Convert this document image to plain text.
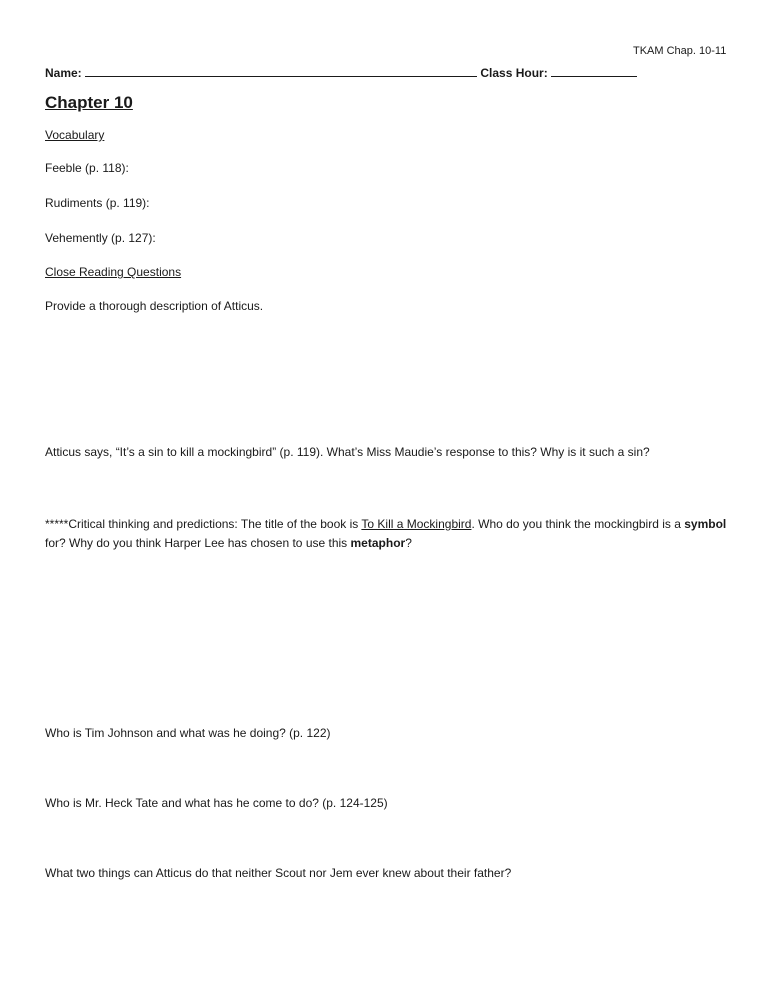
TKAM Chap. 10-11
Name:	Class Hour:
Chapter 10
Vocabulary
Feeble (p. 118):
Rudiments (p. 119):
Vehemently (p. 127):
Close Reading Questions
Provide a thorough description of Atticus.
Atticus says, “It’s a sin to kill a mockingbird” (p. 119). What’s Miss Maudie’s response to this? Why is it such a sin?
*****Critical thinking and predictions: The title of the book is To Kill a Mockingbird. Who do you think the mockingbird is a symbol for? Why do you think Harper Lee has chosen to use this metaphor?
Who is Tim Johnson and what was he doing? (p. 122)
Who is Mr. Heck Tate and what has he come to do? (p. 124-125)
What two things can Atticus do that neither Scout nor Jem ever knew about their father?
